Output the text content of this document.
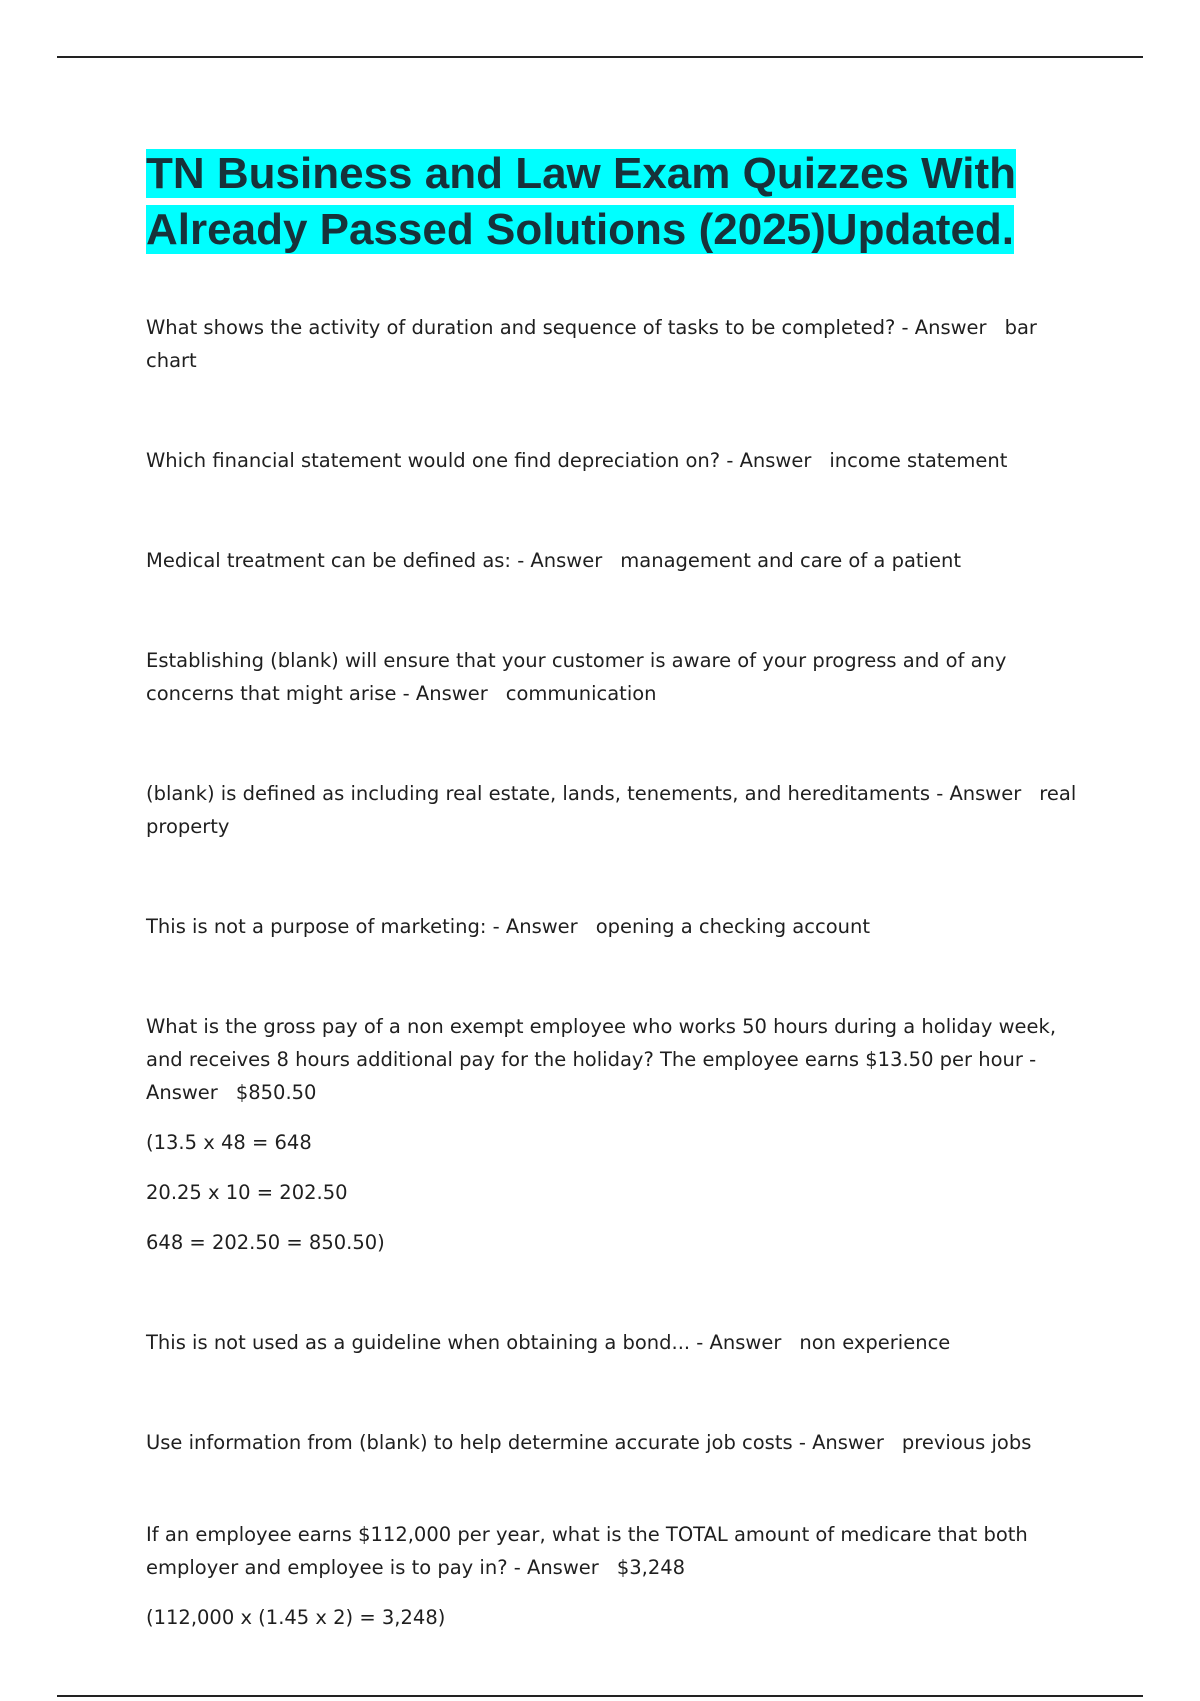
TN Business and Law Exam Quizzes With Already Passed Solutions (2025)Updated.

What shows the activity of duration and sequence of tasks to be completed? - Answer bar chart

Which financial statement would one find depreciation on? - Answer income statement

Medical treatment can be defined as: - Answer management and care of a patient

Establishing (blank) will ensure that your customer is aware of your progress and of any concerns that might arise - Answer communication

(blank) is defined as including real estate, lands, tenements, and hereditaments - Answer real property

This is not a purpose of marketing: - Answer opening a checking account

What is the gross pay of a non exempt employee who works 50 hours during a holiday week, and receives 8 hours additional pay for the holiday? The employee earns $13.50 per hour - Answer $850.50

(13.5 x 48 = 648

20.25 x 10 = 202.50

648 = 202.50 = 850.50)

This is not used as a guideline when obtaining a bond... - Answer non experience

Use information from (blank) to help determine accurate job costs - Answer previous jobs

If an employee earns $112,000 per year, what is the TOTAL amount of medicare that both employer and employee is to pay in? - Answer $3,248

(112,000 x (1.45 x 2) = 3,248)
